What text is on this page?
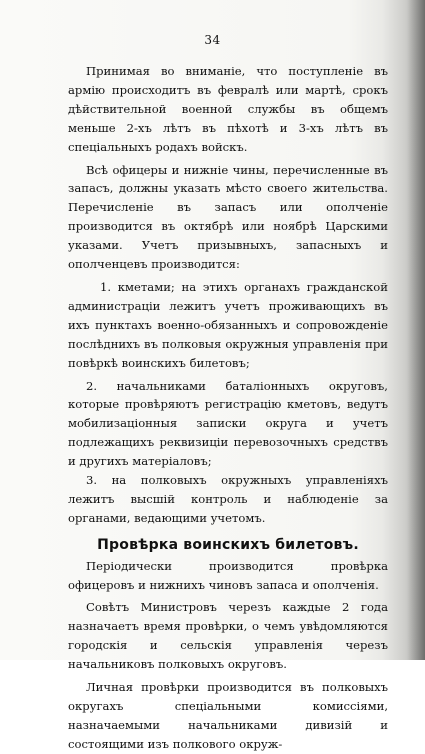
34

Принимая во вниманіе, что поступленіе въ армію происходитъ въ февралѣ или мартѣ, срокъ дѣйствительной военной службы въ общемъ меньше 2-хъ лѣтъ въ пѣхотѣ и 3-хъ лѣтъ въ спеціальныхъ родахъ войскъ.

Всѣ офицеры и нижніе чины, перечисленные въ запасъ, должны указать мѣсто своего жительства. Перечисленіе въ запасъ или ополченіе производится въ октябрѣ или ноябрѣ Царскими указами. Учетъ призывныхъ, запасныхъ и ополченцевъ производится:

1. кметами; на этихъ органахъ гражданской администраціи лежитъ учетъ проживающихъ въ ихъ пунктахъ военно-обязанныхъ и сопровожденіе послѣднихъ въ полковыя окружныя управленія при повѣркѣ воинскихъ билетовъ;

2. начальниками баталіонныхъ округовъ, которые провѣряютъ регистрацію кметовъ, ведутъ мобилизаціонныя записки округа и учетъ подлежащихъ реквизиціи перевозочныхъ средствъ и другихъ матеріаловъ;

3. на полковыхъ окружныхъ управленіяхъ лежитъ высшій контроль и наблюденіе за органами, ведающими учетомъ.

Провѣрка воинскихъ билетовъ.

Періодически производится провѣрка офицеровъ и нижнихъ чиновъ запаса и ополченія.

Совѣтъ Министровъ черезъ каждые 2 года назначаетъ время провѣрки, о чемъ увѣдомляются городскія и сельскія управленія черезъ начальниковъ полковыхъ округовъ.

Личная провѣрки производится въ полковыхъ округахъ спеціальными комиссіями, назначаемыми начальниками дивизій и состоящими изъ полкового окруж-
